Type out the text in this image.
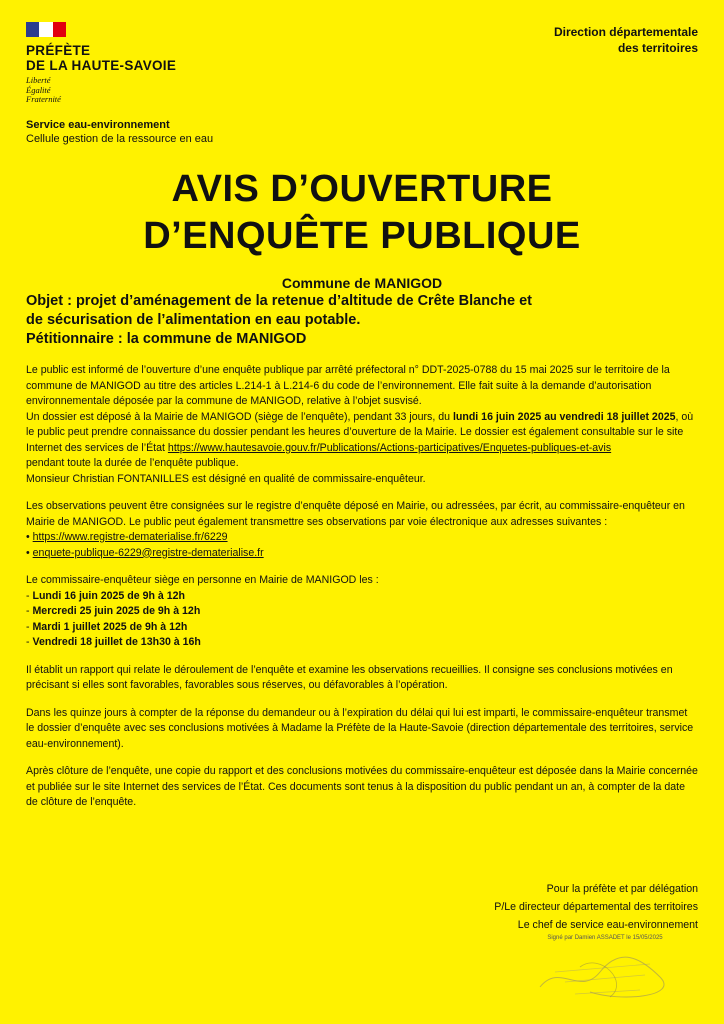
PRÉFÈTE
DE LA HAUTE-SAVOIE
Liberté
Égalité
Fraternité
Direction départementale
des territoires
Service eau-environnement
Cellule gestion de la ressource en eau
AVIS D’OUVERTURE
D’ENQUÊTE PUBLIQUE
Commune de MANIGOD
Objet : projet d’aménagement de la retenue d’altitude de Crête Blanche et
de sécurisation de l’alimentation en eau potable.
Pétitionnaire : la commune de MANIGOD

Le public est informé de l’ouverture d’une enquête publique par arrêté préfectoral n° DDT-2025-0788 du 15 mai 2025 sur le territoire de la commune de MANIGOD au titre des articles L.214-1 à L.214-6 du code de l’environnement. Elle fait suite à la demande d’autorisation environnementale déposée par la commune de MANIGOD, relative à l’objet susvisé.

Un dossier est déposé à la Mairie de MANIGOD (siège de l’enquête), pendant 33 jours, du lundi 16 juin 2025 au vendredi 18 juillet 2025, où le public peut prendre connaissance du dossier pendant les heures d’ouverture de la Mairie. Le dossier est également consultable sur le site Internet des services de l’État https://www.hautesavoie.gouv.fr/Publications/Actions-participatives/Enquetes-publiques-et-avis

pendant toute la durée de l’enquête publique.

Monsieur Christian FONTANILLES est désigné en qualité de commissaire-enquêteur.

Les observations peuvent être consignées sur le registre d’enquête déposé en Mairie, ou adressées, par écrit, au commissaire-enquêteur en Mairie de MANIGOD. Le public peut également transmettre ses observations par voie électronique aux adresses suivantes :

• https://www.registre-dematerialise.fr/6229

• enquete-publique-6229@registre-dematerialise.fr

Le commissaire-enquêteur siège en personne en Mairie de MANIGOD les :

- Lundi 16 juin 2025 de 9h à 12h

- Mercredi 25 juin 2025 de 9h à 12h

- Mardi 1 juillet 2025 de 9h à 12h

- Vendredi 18 juillet de 13h30 à 16h

Il établit un rapport qui relate le déroulement de l’enquête et examine les observations recueillies. Il consigne ses conclusions motivées en précisant si elles sont favorables, favorables sous réserves, ou défavorables à l’opération.

Dans les quinze jours à compter de la réponse du demandeur ou à l’expiration du délai qui lui est imparti, le commissaire-enquêteur transmet le dossier d’enquête avec ses conclusions motivées à Madame la Préfète de la Haute-Savoie (direction départementale des territoires, service eau-environnement).

Après clôture de l’enquête, une copie du rapport et des conclusions motivées du commissaire-enquêteur est déposée dans la Mairie concernée et publiée sur le site Internet des services de l’État. Ces documents sont tenus à la disposition du public pendant un an, à compter de la date de clôture de l’enquête.

Pour la préfète et par délégation
P/Le directeur départemental des territoires
Le chef de service eau-environnement
Signé par Damien ASSADET le 15/05/2025
